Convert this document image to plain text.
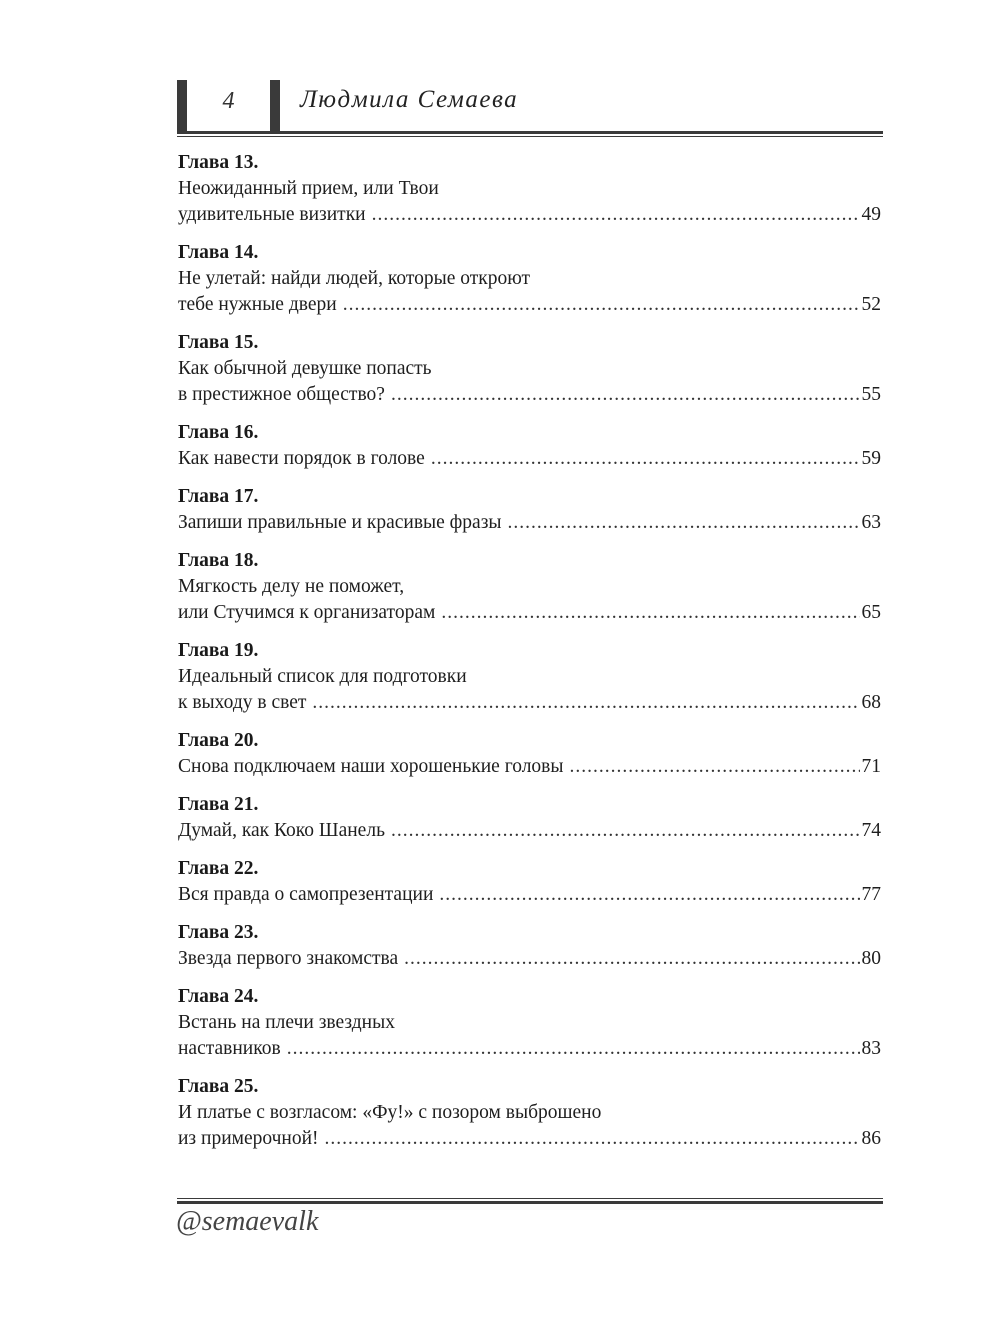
4	Людмила Семаева
Глава 13.
Неожиданный прием, или Твои
удивительные визитки .....	49
Глава 14.
Не улетай: найди людей, которые откроют
тебе нужные двери .....	52
Глава 15.
Как обычной девушке попасть
в престижное общество? .....	55
Глава 16.
Как навести порядок в голове .....	59
Глава 17.
Запиши правильные и красивые фразы .....	63
Глава 18.
Мягкость делу не поможет,
или Стучимся к организаторам .....	65
Глава 19.
Идеальный список для подготовки
к выходу в свет .....	68
Глава 20.
Снова подключаем наши хорошенькие головы .....	71
Глава 21.
Думай, как Коко Шанель .....	74
Глава 22.
Вся правда о самопрезентации .....	77
Глава 23.
Звезда первого знакомства .....	80
Глава 24.
Встань на плечи звездных
наставников .....	83
Глава 25.
И платье с возгласом: «Фу!» с позором выброшено
из примерочной! .....	86
@semaevalk
